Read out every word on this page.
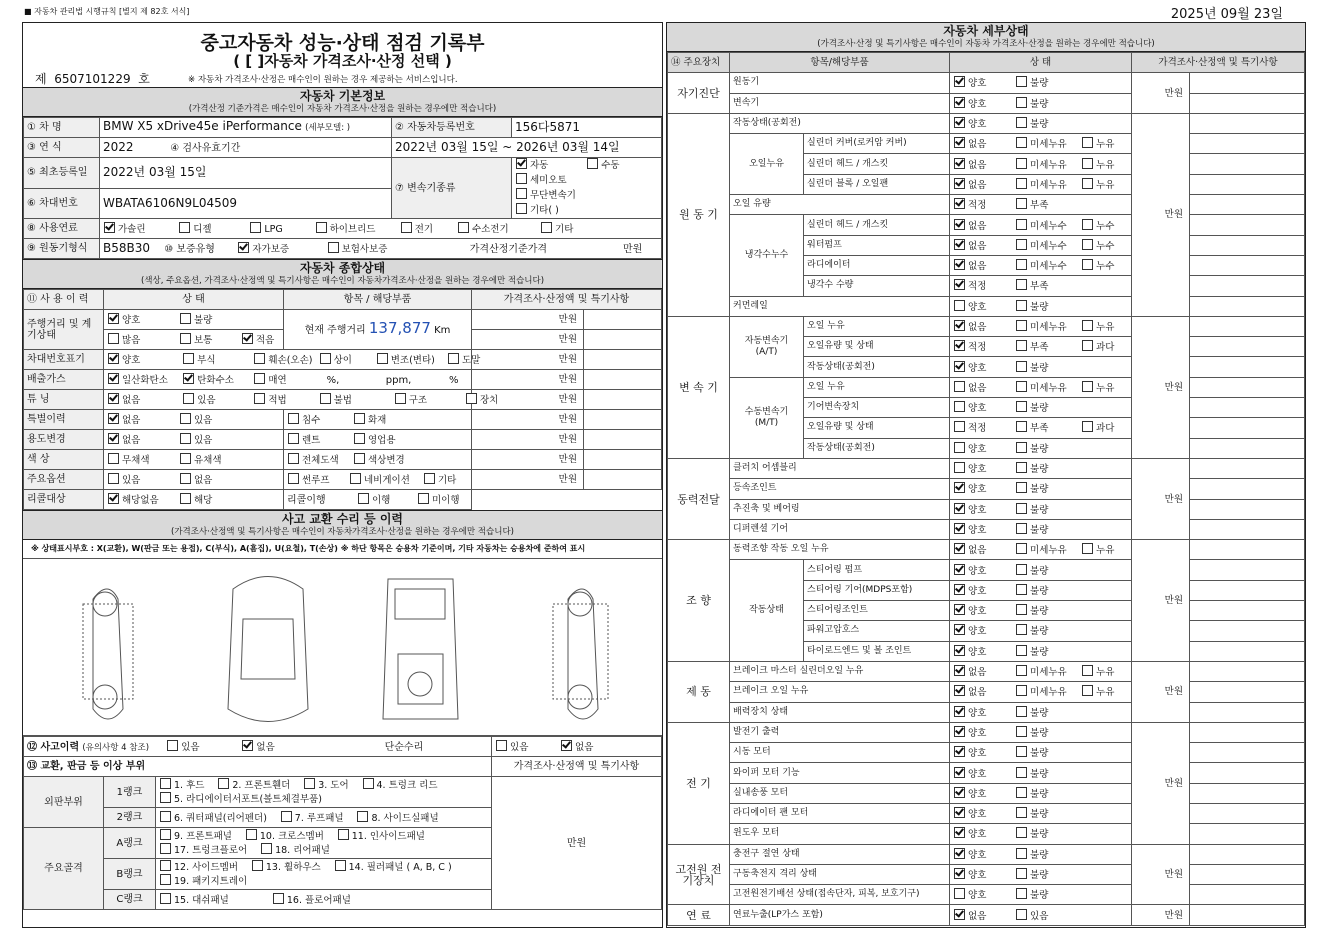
■ 자동차 관리법 시행규칙 [별지 제 82호 서식]	2025년 09월 23일
중고자동차 성능·상태 점검 기록부
( [ ]자동차 가격조사·산정 선택 )
제 6507101229 호	※ 자동차 가격조사·산정은 매수인이 원하는 경우 제공하는 서비스입니다.
자동차 기본정보
(가격산정 기준가격은 매수인이 자동차 가격조사·산정을 원하는 경우에만 적습니다)
① 차 명	BMW X5 xDrive45e iPerformance (세부모델: )	② 자동차등록번호	156다5871
③ 연 식	2022 ④ 검사유효기간	2022년 03월 15일 ~ 2026년 03월 14일	
⑤ 최초등록일	2022년 03월 15일	⑦ 변속기종류	자동 수동 세미오토
무단변속기 기타( )
⑥ 차대번호	WBATA6106N9L04509		
⑧ 사용연료	가솔린 디젤 LPG 하이브리드 전기 수소전기 기타		
⑨ 원동기형식	B58B30 ⑩ 보증유형 자가보증 보험사보증 가격산정기준가격 만원		
자동차 종합상태
(색상, 주요옵션, 가격조사·산정액 및 특기사항은 매수인이 자동차가격조사·산정을 원하는 경우에만 적습니다)
⑪ 사 용 이 력	상 태	항목 / 해당부품	가격조사·산정액 및 특기사항	
주행거리 및 계기상태	양호 불량	현재 주행거리 137,877 Km	만원	
	많음 보통 적음		만원	
차대번호표기	양호 부식 훼손(오손) 상이 변조(변타) 도말		만원	
배출가스	일산화탄소 탄화수소 매연 %, ppm, %		만원	
튜 닝	없음 있음 적법 불법 구조 장치		만원	
특별이력	없음 있음	침수 화재	만원	
용도변경	없음 있음	렌트 영업용	만원	
색 상	무채색 유채색	전체도색 색상변경	만원	
주요옵션	있음 없음	썬루프 네비게이션 기타	만원	
리콜대상	해당없음 해당	리콜이행 이행 미이행		
사고 교환 수리 등 이력
(가격조사·산정액 및 특기사항은 매수인이 자동차가격조사·산정을 원하는 경우에만 적습니다)
※ 상태표시부호 : X(교환), W(판금 또는 용접), C(부식), A(흠집), U(요철), T(손상) ※ 하단 항목은 승용차 기준이며, 기타 자동차는 승용차에 준하여 표시
⑫ 사고이력 (유의사항 4 참조) 있음 없음 단순수리			있음 없음
⑬ 교환, 판금 등 이상 부위			가격조사·산정액 및 특기사항
외판부위	1랭크	1. 후드 2. 프론트휀더 3. 도어 4. 트렁크 리드 5. 라디에이터서포트(볼트체결부품)	만원
	2랭크	6. 쿼터패널(리어펜더) 7. 루프패널 8. 사이드실패널	
주요골격	A랭크	9. 프론트패널 10. 크로스멤버 11. 인사이드패널 17. 트렁크플로어 18. 리어패널	
	B랭크	12. 사이드멤버 13. 휠하우스 14. 필러패널 ( A, B, C ) 19. 패키지트레이	
	C랭크	15. 대쉬패널 16. 플로어패널	
자동차 세부상태
(가격조사·산정 및 특기사항은 매수인이 자동차 가격조사·산정을 원하는 경우에만 적습니다)
⑭ 주요장치	항목/해당부품		상 태	가격조사·산정액 및 특기사항	
자기진단	원동기		양호 불량	만원	
	변속기		양호 불량		
원 동 기	작동상태(공회전)		양호 불량	만원	
	오일누유	실린더 커버(로커암 커버)	없음 미세누유 누유		
		실린더 헤드 / 개스킷	없음 미세누유 누유		
		실린더 블록 / 오일팬	없음 미세누유 누유		
	오일 유량		적정 부족		
	냉각수누수	실린더 헤드 / 개스킷	없음 미세누수 누수		
		워터펌프	없음 미세누수 누수		
		라디에이터	없음 미세누수 누수		
		냉각수 수량	적정 부족		
	커먼레일		양호 불량		
변 속 기	자동변속기 (A/T)	오일 누유	없음 미세누유 누유	만원	
		오일유량 및 상태	적정 부족 과다		
		작동상태(공회전)	양호 불량		
	수동변속기 (M/T)	오일 누유	없음 미세누유 누유		
		기어변속장치	양호 불량		
		오일유량 및 상태	적정 부족 과다		
		작동상태(공회전)	양호 불량		
동력전달	클러치 어셈블리		양호 불량	만원	
	등속조인트		양호 불량		
	추진축 및 베어링		양호 불량		
	디퍼렌셜 기어		양호 불량		
조 향	동력조향 작동 오일 누유		없음 미세누유 누유	만원	
	작동상태	스티어링 펌프	양호 불량		
		스티어링 기어(MDPS포함)	양호 불량		
		스티어링조인트	양호 불량		
		파워고압호스	양호 불량		
		타이로드엔드 및 볼 조인트	양호 불량		
제 동	브레이크 마스터 실린더오일 누유		없음 미세누유 누유	만원	
	브레이크 오일 누유		없음 미세누유 누유		
	배력장치 상태		양호 불량		
전 기	발전기 출력		양호 불량	만원	
	시동 모터		양호 불량		
	와이퍼 모터 기능		양호 불량		
	실내송풍 모터		양호 불량		
	라디에이터 팬 모터		양호 불량		
	윈도우 모터		양호 불량		
고전원 전기장치	충전구 절연 상태		양호 불량	만원	
	구동축전지 격리 상태		양호 불량		
	고전원전기배선 상태(접속단자, 피복, 보호기구)		양호 불량		
연 료	연료누출(LP가스 포함)		없음 있음	만원	
